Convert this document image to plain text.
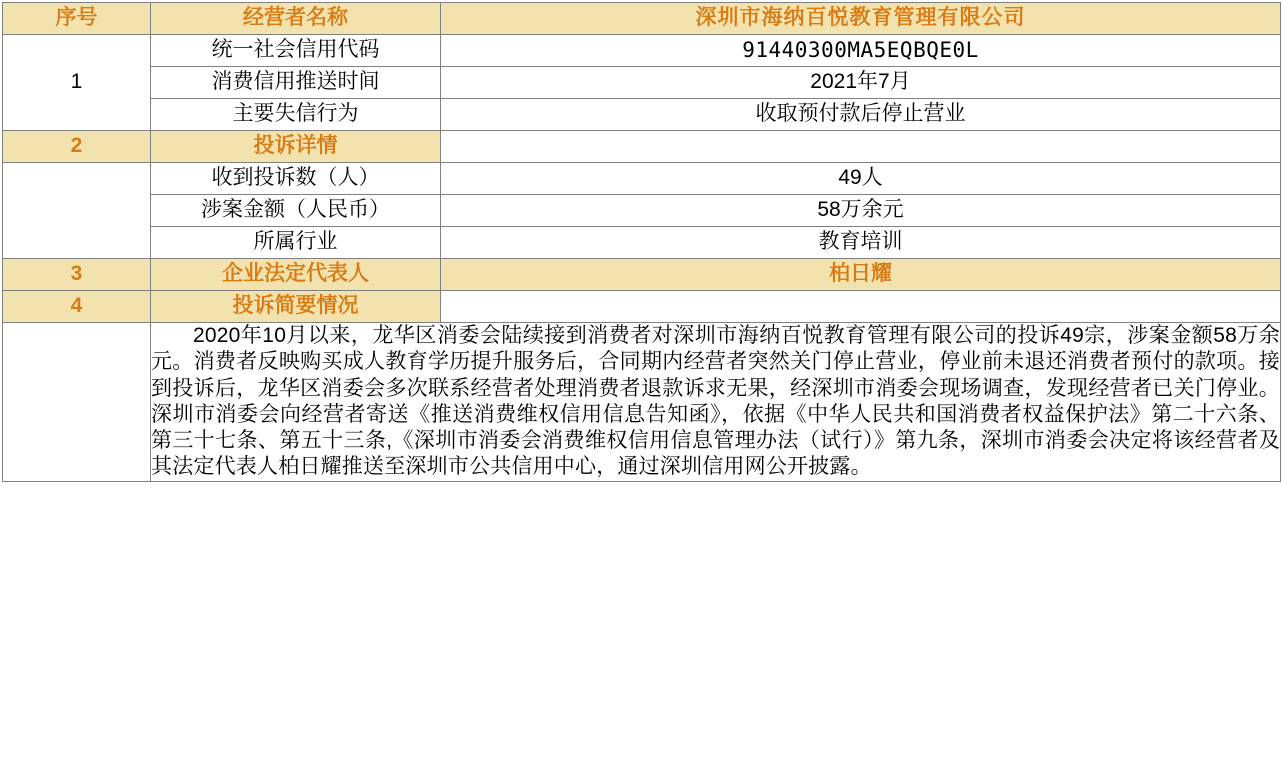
序号	经营者名称	深圳市海纳百悦教育管理有限公司
1	统一社会信用代码	91440300MA5EQBQE0L
	消费信用推送时间	2021年7月
	主要失信行为	收取预付款后停止营业
2	投诉详情	
	收到投诉数（人）	49人
	涉案金额（人民币）	58万余元
	所属行业	教育培训
3	企业法定代表人	柏日耀
4	投诉简要情况	

	2020年10月以来，龙华区消委会陆续接到消费者对深圳市海纳百悦教育管理有限公司的投诉49宗，涉案金额58万余元。消费者反映购买成人教育学历提升服务后，合同期内经营者突然关门停止营业，停业前未退还消费者预付的款项。接到投诉后，龙华区消委会多次联系经营者处理消费者退款诉求无果，经深圳市消委会现场调查，发现经营者已关门停业。深圳市消委会向经营者寄送《推送消费维权信用信息告知函》，依据《中华人民共和国消费者权益保护法》第二十六条、第三十七条、第五十三条,《深圳市消委会消费维权信用信息管理办法（试行）》第九条，深圳市消委会决定将该经营者及其法定代表人柏日耀推送至深圳市公共信用中心，通过深圳信用网公开披露。	
